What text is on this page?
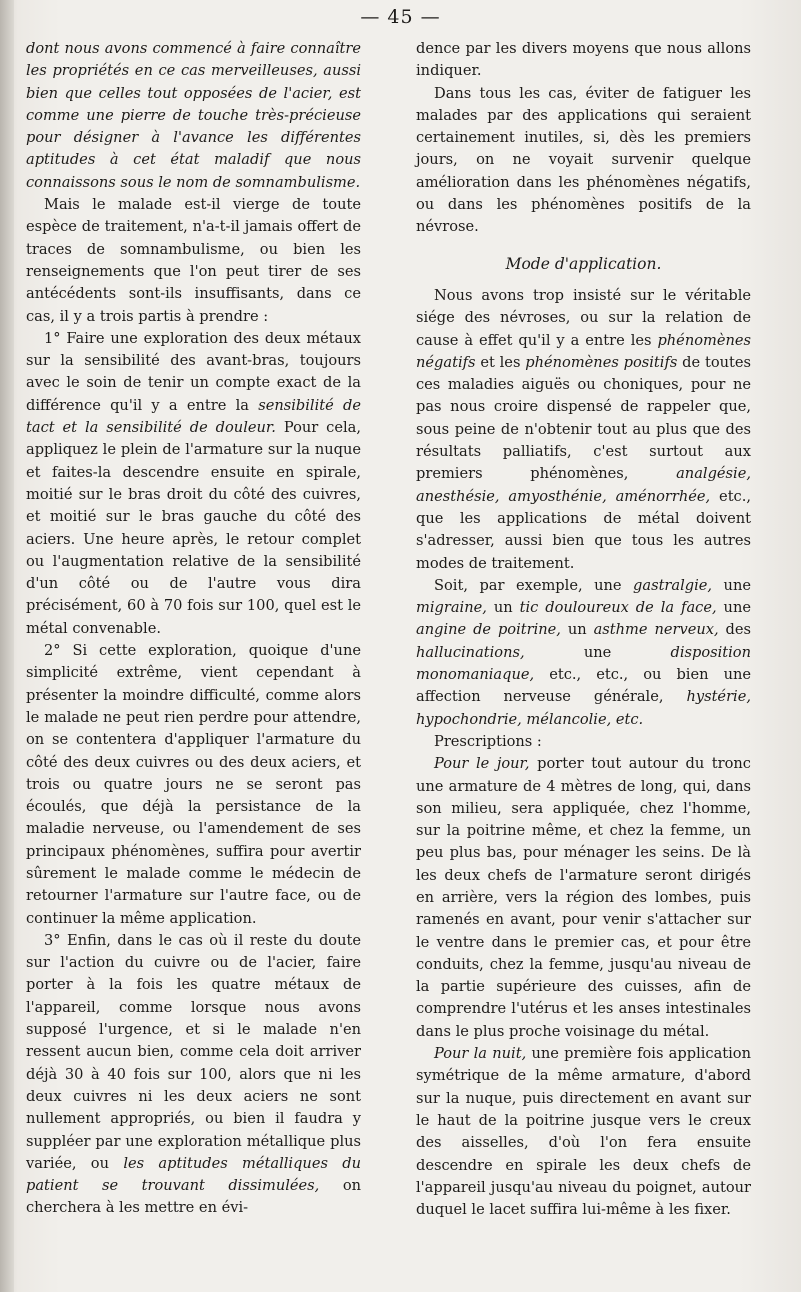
— 45 —

dont nous avons commencé à faire connaître les propriétés en ce cas merveilleuses, aussi bien que celles tout opposées de l'acier, est comme une pierre de touche très-précieuse pour désigner à l'avance les différentes aptitudes à cet état maladif que nous connaissons sous le nom de somnambulisme.

Mais le malade est-il vierge de toute espèce de traitement, n'a-t-il jamais offert de traces de somnambulisme, ou bien les renseignements que l'on peut tirer de ses antécédents sont-ils insuffisants, dans ce cas, il y a trois partis à prendre :

1° Faire une exploration des deux métaux sur la sensibilité des avant-bras, toujours avec le soin de tenir un compte exact de la différence qu'il y a entre la sensibilité de tact et la sensibilité de douleur. Pour cela, appliquez le plein de l'armature sur la nuque et faites-la descendre ensuite en spirale, moitié sur le bras droit du côté des cuivres, et moitié sur le bras gauche du côté des aciers. Une heure après, le retour complet ou l'augmentation relative de la sensibilité d'un côté ou de l'autre vous dira précisément, 60 à 70 fois sur 100, quel est le métal convenable.

2° Si cette exploration, quoique d'une simplicité extrême, vient cependant à présenter la moindre difficulté, comme alors le malade ne peut rien perdre pour attendre, on se contentera d'appliquer l'armature du côté des deux cuivres ou des deux aciers, et trois ou quatre jours ne se seront pas écoulés, que déjà la persistance de la maladie nerveuse, ou l'amendement de ses principaux phénomènes, suffira pour avertir sûrement le malade comme le médecin de retourner l'armature sur l'autre face, ou de continuer la même application.

3° Enfin, dans le cas où il reste du doute sur l'action du cuivre ou de l'acier, faire porter à la fois les quatre métaux de l'appareil, comme lorsque nous avons supposé l'urgence, et si le malade n'en ressent aucun bien, comme cela doit arriver déjà 30 à 40 fois sur 100, alors que ni les deux cuivres ni les deux aciers ne sont nullement appropriés, ou bien il faudra y suppléer par une exploration métallique plus variée, ou les aptitudes métalliques du patient se trouvant dissimulées, on cherchera à les mettre en évi-

dence par les divers moyens que nous allons indiquer.

Dans tous les cas, éviter de fatiguer les malades par des applications qui seraient certainement inutiles, si, dès les premiers jours, on ne voyait survenir quelque amélioration dans les phénomènes négatifs, ou dans les phénomènes positifs de la névrose.

Mode d'application.

Nous avons trop insisté sur le véritable siége des névroses, ou sur la relation de cause à effet qu'il y a entre les phénomènes négatifs et les phénomènes positifs de toutes ces maladies aiguës ou choniques, pour ne pas nous croire dispensé de rappeler que, sous peine de n'obtenir tout au plus que des résultats palliatifs, c'est surtout aux premiers phénomènes, analgésie, anesthésie, amyosthénie, aménorrhée, etc., que les applications de métal doivent s'adresser, aussi bien que tous les autres modes de traitement.

Soit, par exemple, une gastralgie, une migraine, un tic douloureux de la face, une angine de poitrine, un asthme nerveux, des hallucinations, une disposition monomaniaque, etc., etc., ou bien une affection nerveuse générale, hystérie, hypochondrie, mélancolie, etc.

Prescriptions :

Pour le jour, porter tout autour du tronc une armature de 4 mètres de long, qui, dans son milieu, sera appliquée, chez l'homme, sur la poitrine même, et chez la femme, un peu plus bas, pour ménager les seins. De là les deux chefs de l'armature seront dirigés en arrière, vers la région des lombes, puis ramenés en avant, pour venir s'attacher sur le ventre dans le premier cas, et pour être conduits, chez la femme, jusqu'au niveau de la partie supérieure des cuisses, afin de comprendre l'utérus et les anses intestinales dans le plus proche voisinage du métal.

Pour la nuit, une première fois application symétrique de la même armature, d'abord sur la nuque, puis directement en avant sur le haut de la poitrine jusque vers le creux des aisselles, d'où l'on fera ensuite descendre en spirale les deux chefs de l'appareil jusqu'au niveau du poignet, autour duquel le lacet suffira lui-même à les fixer.
